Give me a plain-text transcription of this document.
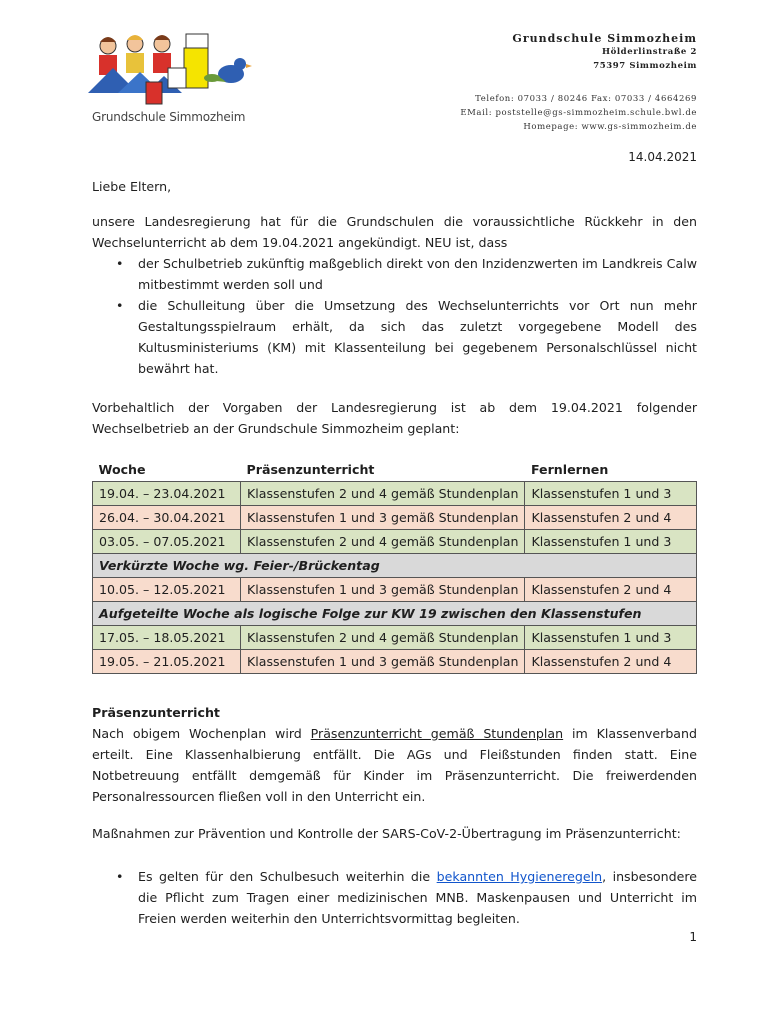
Grundschule Simmozheim
Grundschule Simmozheim
Hölderlinstraße 2
75397 Simmozheim
Telefon: 07033 / 80246 Fax: 07033 / 4664269
EMail: poststelle@gs-simmozheim.schule.bwl.de
Homepage: www.gs-simmozheim.de
14.04.2021
Liebe Eltern,
unsere Landesregierung hat für die Grundschulen die voraussichtliche Rückkehr in den Wechselunterricht ab dem 19.04.2021 angekündigt. NEU ist, dass
• der Schulbetrieb zukünftig maßgeblich direkt von den Inzidenzwerten im Landkreis Calw mitbestimmt werden soll und
• die Schulleitung über die Umsetzung des Wechselunterrichts vor Ort nun mehr Gestaltungsspielraum erhält, da sich das zuletzt vorgegebene Modell des Kultusministeriums (KM) mit Klassenteilung bei gegebenem Personalschlüssel nicht bewährt hat.
Vorbehaltlich der Vorgaben der Landesregierung ist ab dem 19.04.2021 folgender Wechselbetrieb an der Grundschule Simmozheim geplant:
Woche	Präsenzunterricht	Fernlernen
19.04. – 23.04.2021	Klassenstufen 2 und 4 gemäß Stundenplan	Klassenstufen 1 und 3
26.04. – 30.04.2021	Klassenstufen 1 und 3 gemäß Stundenplan	Klassenstufen 2 und 4
03.05. – 07.05.2021	Klassenstufen 2 und 4 gemäß Stundenplan	Klassenstufen 1 und 3
Verkürzte Woche wg. Feier-/Brückentag		
10.05. – 12.05.2021	Klassenstufen 1 und 3 gemäß Stundenplan	Klassenstufen 2 und 4
Aufgeteilte Woche als logische Folge zur KW 19 zwischen den Klassenstufen		
17.05. – 18.05.2021	Klassenstufen 2 und 4 gemäß Stundenplan	Klassenstufen 1 und 3
19.05. – 21.05.2021	Klassenstufen 1 und 3 gemäß Stundenplan	Klassenstufen 2 und 4
Präsenzunterricht
Nach obigem Wochenplan wird Präsenzunterricht gemäß Stundenplan im Klassenverband erteilt. Eine Klassenhalbierung entfällt. Die AGs und Fleißstunden finden statt. Eine Notbetreuung entfällt demgemäß für Kinder im Präsenzunterricht. Die freiwerdenden Personalressourcen fließen voll in den Unterricht ein.
Maßnahmen zur Prävention und Kontrolle der SARS-CoV-2-Übertragung im Präsenzunterricht:
• Es gelten für den Schulbesuch weiterhin die bekannten Hygieneregeln, insbesondere die Pflicht zum Tragen einer medizinischen MNB. Maskenpausen und Unterricht im Freien werden weiterhin den Unterrichtsvormittag begleiten.
1
